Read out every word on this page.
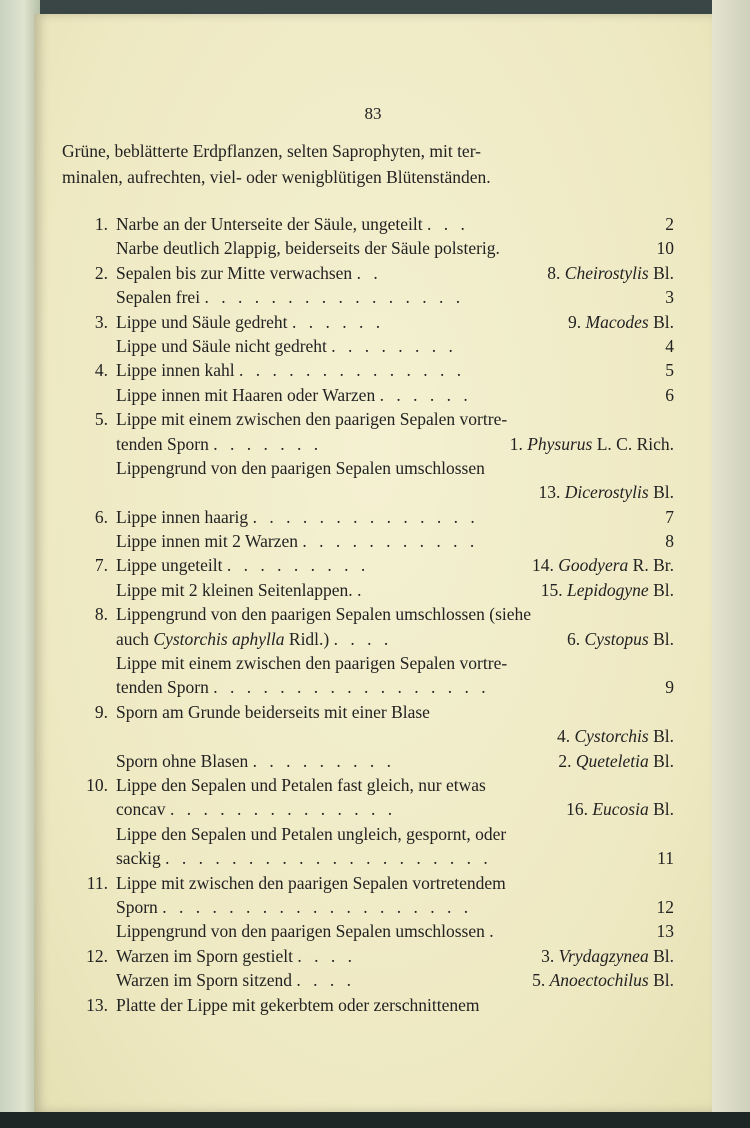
83
Grüne, beblätterte Erdpflanzen, selten Saprophyten, mit ter-
minalen, aufrechten, viel- oder wenigblütigen Blütenständen.
1. Narbe an der Unterseite der Säule, ungeteilt . . .	2
Narbe deutlich 2lappig, beiderseits der Säule polsterig.	10
2. Sepalen bis zur Mitte verwachsen . .	8. Cheirostylis Bl.
Sepalen frei . . . . . . . . . . . . . . . .	3
3. Lippe und Säule gedreht . . . . . .	9. Macodes Bl.
Lippe und Säule nicht gedreht . . . . . . . .	4
4. Lippe innen kahl . . . . . . . . . . . . . .	5
Lippe innen mit Haaren oder Warzen . . . . . .	6
5. Lippe mit einem zwischen den paarigen Sepalen vortre-
tenden Sporn . . . . . . .	1. Physurus L. C. Rich.
Lippengrund von den paarigen Sepalen umschlossen
13. Dicerostylis Bl.
6. Lippe innen haarig . . . . . . . . . . . . . .	7
Lippe innen mit 2 Warzen . . . . . . . . . . .	8
7. Lippe ungeteilt . . . . . . . . .	14. Goodyera R. Br.
Lippe mit 2 kleinen Seitenlappen. .	15. Lepidogyne Bl.
8. Lippengrund von den paarigen Sepalen umschlossen (siehe
auch Cystorchis aphylla Ridl.) . . . .	6. Cystopus Bl.
Lippe mit einem zwischen den paarigen Sepalen vortre-
tenden Sporn . . . . . . . . . . . . . . . . .	9
9. Sporn am Grunde beiderseits mit einer Blase
4. Cystorchis Bl.
Sporn ohne Blasen . . . . . . . . .	2. Queteletia Bl.
10. Lippe den Sepalen und Petalen fast gleich, nur etwas
concav . . . . . . . . . . . . . .	16. Eucosia Bl.
Lippe den Sepalen und Petalen ungleich, gespornt, oder
sackig . . . . . . . . . . . . . . . . . . . .	11
11. Lippe mit zwischen den paarigen Sepalen vortretendem
Sporn . . . . . . . . . . . . . . . . . . .	12
Lippengrund von den paarigen Sepalen umschlossen .	13
12. Warzen im Sporn gestielt . . . .	3. Vrydagzynea Bl.
Warzen im Sporn sitzend . . . .	5. Anoectochilus Bl.
13. Platte der Lippe mit gekerbtem oder zerschnittenem
